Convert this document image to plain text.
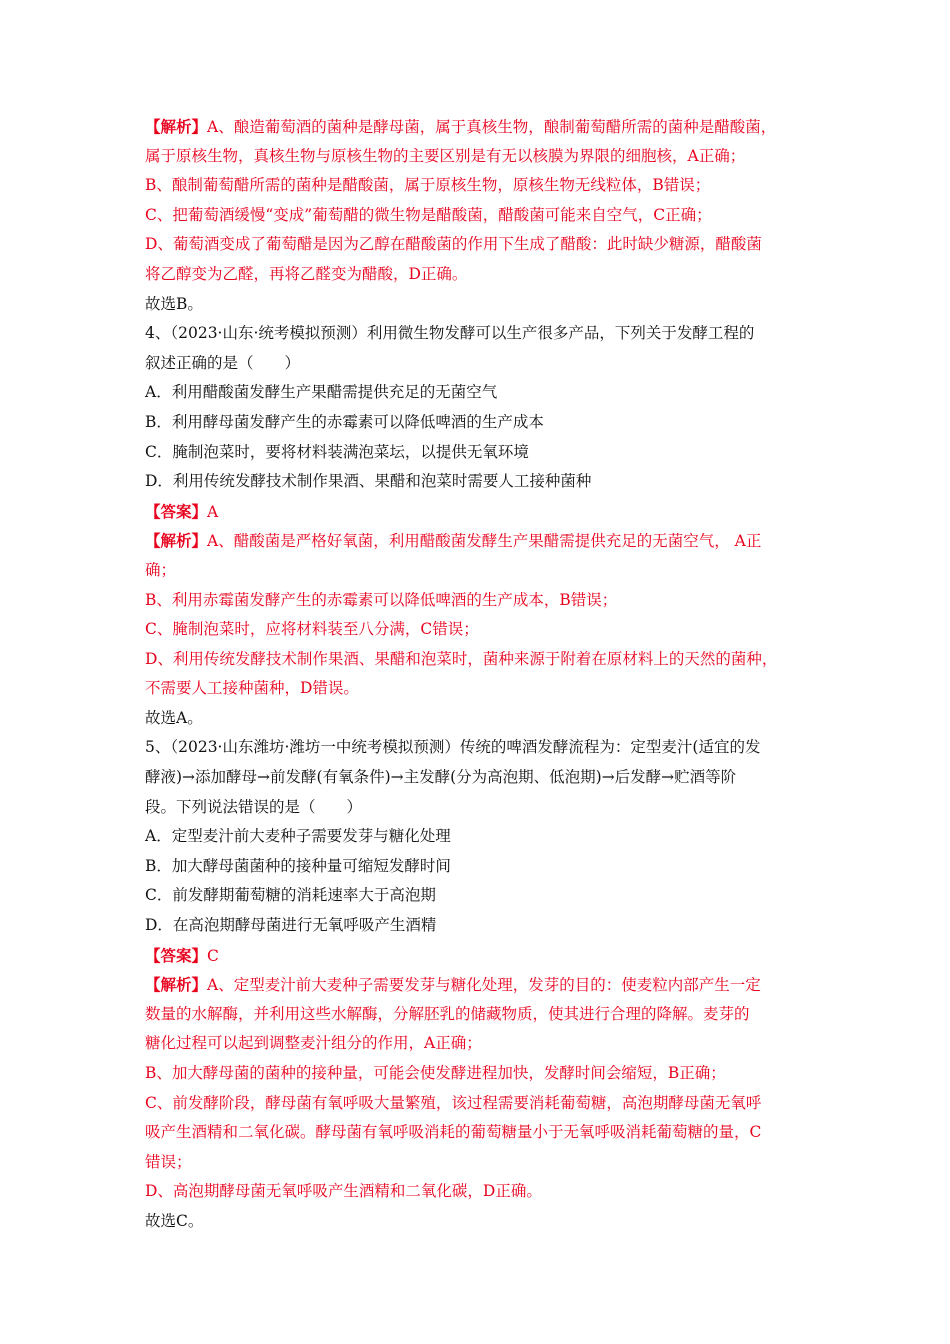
【解析】A、酿造葡萄酒的菌种是酵母菌，属于真核生物，酿制葡萄醋所需的菌种是醋酸菌，
属于原核生物，真核生物与原核生物的主要区别是有无以核膜为界限的细胞核，A正确；
B、酿制葡萄醋所需的菌种是醋酸菌，属于原核生物，原核生物无线粒体，B错误；
C、把葡萄酒缓慢“变成”葡萄醋的微生物是醋酸菌，醋酸菌可能来自空气，C正确；
D、葡萄酒变成了葡萄醋是因为乙醇在醋酸菌的作用下生成了醋酸：此时缺少糖源，醋酸菌
将乙醇变为乙醛，再将乙醛变为醋酸，D正确。
故选B。
4、（2023·山东·统考模拟预测）利用微生物发酵可以生产很多产品，下列关于发酵工程的
叙述正确的是（　　）
A．利用醋酸菌发酵生产果醋需提供充足的无菌空气
B．利用酵母菌发酵产生的赤霉素可以降低啤酒的生产成本
C．腌制泡菜时，要将材料装满泡菜坛，以提供无氧环境
D．利用传统发酵技术制作果酒、果醋和泡菜时需要人工接种菌种
【答案】A
【解析】A、醋酸菌是严格好氧菌，利用醋酸菌发酵生产果醋需提供充足的无菌空气， A正
确；
B、利用赤霉菌发酵产生的赤霉素可以降低啤酒的生产成本，B错误；
C、腌制泡菜时，应将材料装至八分满，C错误；
D、利用传统发酵技术制作果酒、果醋和泡菜时，菌种来源于附着在原材料上的天然的菌种，
不需要人工接种菌种，D错误。
故选A。
5、（2023·山东潍坊·潍坊一中统考模拟预测）传统的啤酒发酵流程为：定型麦汁(适宜的发
酵液)→添加酵母→前发酵(有氧条件)→主发酵(分为高泡期、低泡期)→后发酵→贮酒等阶
段。下列说法错误的是（　　）
A．定型麦汁前大麦种子需要发芽与糖化处理
B．加大酵母菌菌种的接种量可缩短发酵时间
C．前发酵期葡萄糖的消耗速率大于高泡期
D．在高泡期酵母菌进行无氧呼吸产生酒精
【答案】C
【解析】A、定型麦汁前大麦种子需要发芽与糖化处理，发芽的目的：使麦粒内部产生一定
数量的水解酶，并利用这些水解酶，分解胚乳的储藏物质，使其进行合理的降解。麦芽的
糖化过程可以起到调整麦汁组分的作用，A正确；
B、加大酵母菌的菌种的接种量，可能会使发酵进程加快，发酵时间会缩短，B正确；
C、前发酵阶段，酵母菌有氧呼吸大量繁殖，该过程需要消耗葡萄糖，高泡期酵母菌无氧呼
吸产生酒精和二氧化碳。酵母菌有氧呼吸消耗的葡萄糖量小于无氧呼吸消耗葡萄糖的量，C
错误；
D、高泡期酵母菌无氧呼吸产生酒精和二氧化碳，D正确。
故选C。
